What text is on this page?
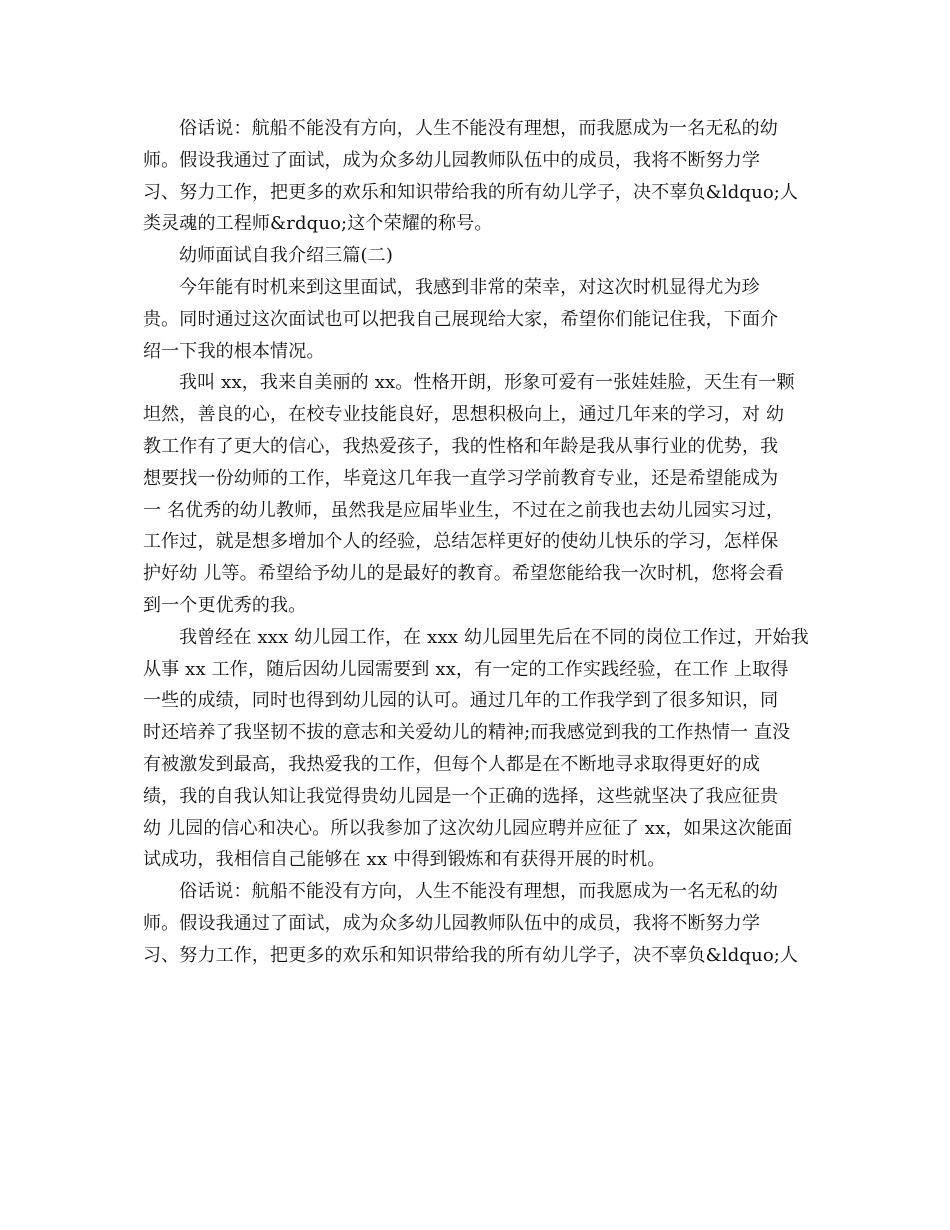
俗话说：航船不能没有方向，人生不能没有理想，而我愿成为一名无私的幼
师。假设我通过了面试，成为众多幼儿园教师队伍中的成员，我将不断努力学
习、努力工作，把更多的欢乐和知识带给我的所有幼儿学子，决不辜负&ldquo;人
类灵魂的工程师&rdquo;这个荣耀的称号。
幼师面试自我介绍三篇(二)
今年能有时机来到这里面试，我感到非常的荣幸，对这次时机显得尤为珍
贵。同时通过这次面试也可以把我自己展现给大家，希望你们能记住我，下面介
绍一下我的根本情况。
我叫 xx，我来自美丽的 xx。性格开朗，形象可爱有一张娃娃脸，天生有一颗
坦然，善良的心，在校专业技能良好，思想积极向上，通过几年来的学习，对 幼
教工作有了更大的信心，我热爱孩子，我的性格和年龄是我从事行业的优势，我
想要找一份幼师的工作，毕竟这几年我一直学习学前教育专业，还是希望能成为
一 名优秀的幼儿教师，虽然我是应届毕业生，不过在之前我也去幼儿园实习过，
工作过，就是想多增加个人的经验，总结怎样更好的使幼儿快乐的学习，怎样保
护好幼 儿等。希望给予幼儿的是最好的教育。希望您能给我一次时机，您将会看
到一个更优秀的我。
我曾经在 xxx 幼儿园工作，在 xxx 幼儿园里先后在不同的岗位工作过，开始我
从事 xx 工作，随后因幼儿园需要到 xx，有一定的工作实践经验，在工作 上取得
一些的成绩，同时也得到幼儿园的认可。通过几年的工作我学到了很多知识，同
时还培养了我坚韧不拔的意志和关爱幼儿的精神;而我感觉到我的工作热情一 直没
有被激发到最高，我热爱我的工作，但每个人都是在不断地寻求取得更好的成
绩，我的自我认知让我觉得贵幼儿园是一个正确的选择，这些就坚决了我应征贵
幼 儿园的信心和决心。所以我参加了这次幼儿园应聘并应征了 xx，如果这次能面
试成功，我相信自己能够在 xx 中得到锻炼和有获得开展的时机。
俗话说：航船不能没有方向，人生不能没有理想，而我愿成为一名无私的幼
师。假设我通过了面试，成为众多幼儿园教师队伍中的成员，我将不断努力学
习、努力工作，把更多的欢乐和知识带给我的所有幼儿学子，决不辜负&ldquo;人
